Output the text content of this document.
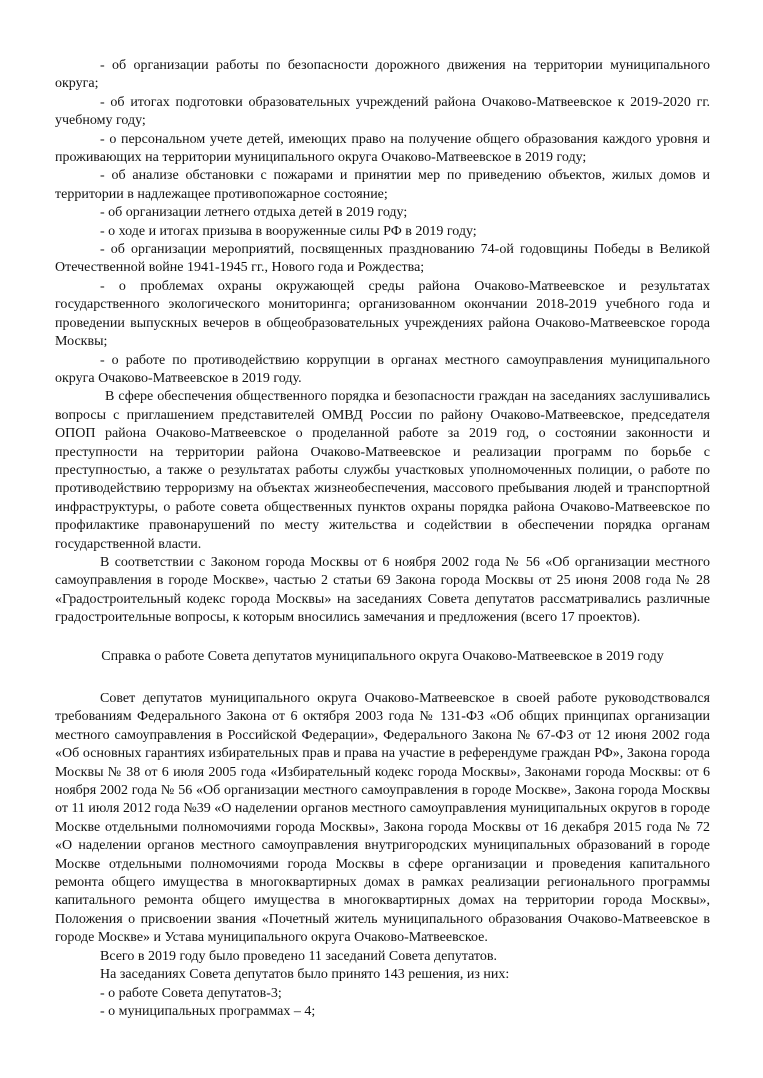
- об организации работы по безопасности дорожного движения на территории муниципального округа;

- об итогах подготовки образовательных учреждений района Очаково-Матвеевское к 2019-2020 гг. учебному году;

- о персональном учете детей, имеющих право на получение общего образования каждого уровня и проживающих на территории муниципального округа Очаково-Матвеевское в 2019 году;

- об анализе обстановки с пожарами и принятии мер по приведению объектов, жилых домов и территории в надлежащее противопожарное состояние;

- об организации летнего отдыха детей в 2019 году;

- о ходе и итогах призыва в вооруженные силы РФ в 2019 году;

- об организации мероприятий, посвященных празднованию 74-ой годовщины Победы в Великой Отечественной войне 1941-1945 гг., Нового года и Рождества;

- о проблемах охраны окружающей среды района Очаково-Матвеевское и результатах государственного экологического мониторинга; организованном окончании 2018-2019 учебного года и проведении выпускных вечеров в общеобразовательных учреждениях района Очаково-Матвеевское города Москвы;

- о работе по противодействию коррупции в органах местного самоуправления муниципального округа Очаково-Матвеевское в 2019 году.

В сфере обеспечения общественного порядка и безопасности граждан на заседаниях заслушивались вопросы с приглашением представителей ОМВД России по району Очаково-Матвеевское, председателя ОПОП района Очаково-Матвеевское о проделанной работе за 2019 год, о состоянии законности и преступности на территории района Очаково-Матвеевское и реализации программ по борьбе с преступностью, а также о результатах работы службы участковых уполномоченных полиции, о работе по противодействию терроризму на объектах жизнеобеспечения, массового пребывания людей и транспортной инфраструктуры, о работе совета общественных пунктов охраны порядка района Очаково-Матвеевское по профилактике правонарушений по месту жительства и содействии в обеспечении порядка органам государственной власти.

В соответствии с Законом города Москвы от 6 ноября 2002 года № 56 «Об организации местного самоуправления в городе Москве», частью 2 статьи 69 Закона города Москвы от 25 июня 2008 года № 28 «Градостроительный кодекс города Москвы» на заседаниях Совета депутатов рассматривались различные градостроительные вопросы, к которым вносились замечания и предложения (всего 17 проектов).

Справка о работе Совета депутатов муниципального округа Очаково-Матвеевское в 2019 году

Совет депутатов муниципального округа Очаково-Матвеевское в своей работе руководствовался требованиям Федерального Закона от 6 октября 2003 года № 131-ФЗ «Об общих принципах организации местного самоуправления в Российской Федерации», Федерального Закона № 67-ФЗ от 12 июня 2002 года «Об основных гарантиях избирательных прав и права на участие в референдуме граждан РФ», Закона города Москвы № 38 от 6 июля 2005 года «Избирательный кодекс города Москвы», Законами города Москвы: от 6 ноября 2002 года № 56 «Об организации местного самоуправления в городе Москве», Закона города Москвы от 11 июля 2012 года №39 «О наделении органов местного самоуправления муниципальных округов в городе Москве отдельными полномочиями города Москвы», Закона города Москвы от 16 декабря 2015 года № 72 «О наделении органов местного самоуправления внутригородских муниципальных образований в городе Москве отдельными полномочиями города Москвы в сфере организации и проведения капитального ремонта общего имущества в многоквартирных домах в рамках реализации регионального программы капитального ремонта общего имущества в многоквартирных домах на территории города Москвы», Положения о присвоении звания «Почетный житель муниципального образования Очаково-Матвеевское в городе Москве» и Устава муниципального округа Очаково-Матвеевское.

Всего в 2019 году было проведено 11 заседаний Совета депутатов.

На заседаниях Совета депутатов было принято 143 решения, из них:

- о работе Совета депутатов-3;

- о муниципальных программах – 4;
